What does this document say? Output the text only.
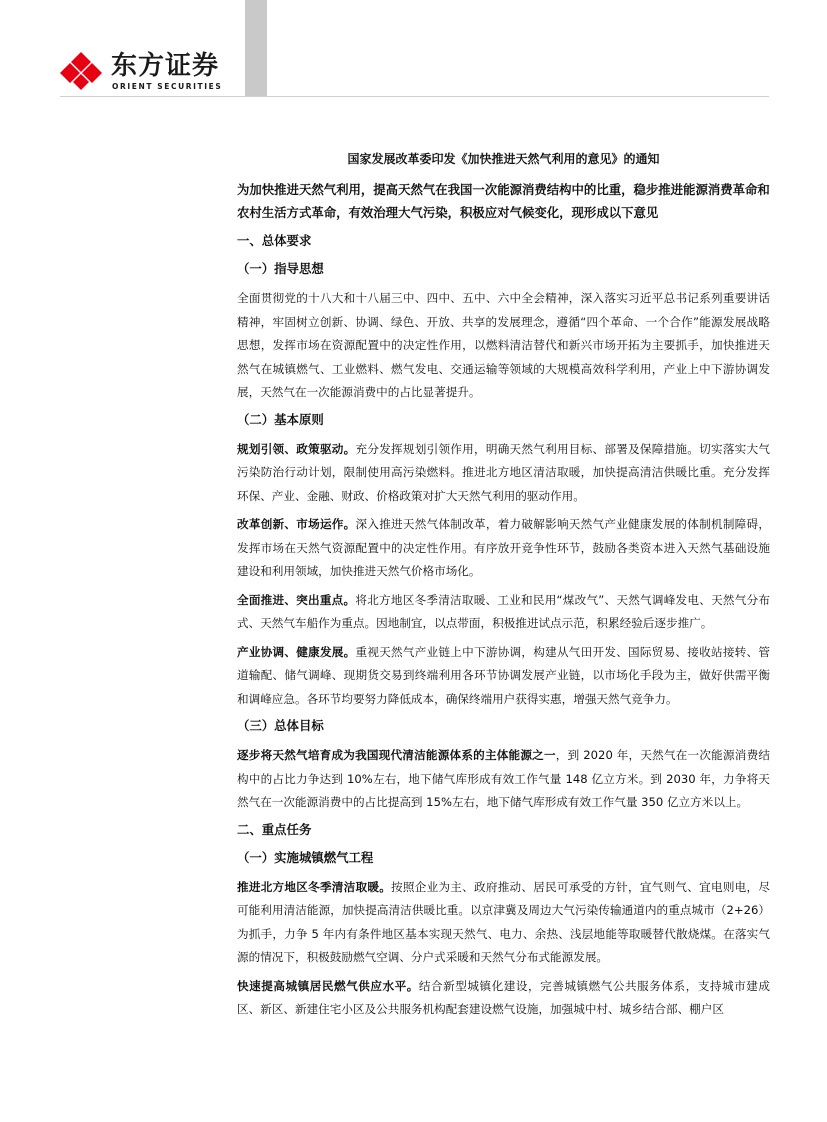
东方证券
ORIENT SECURITIES
国家发展改革委印发《加快推进天然气利用的意见》的通知
为加快推进天然气利用，提高天然气在我国一次能源消费结构中的比重，稳步推进能源消费革命和农村生活方式革命，有效治理大气污染，积极应对气候变化，现形成以下意见
一、总体要求
（一）指导思想
全面贯彻党的十八大和十八届三中、四中、五中、六中全会精神，深入落实习近平总书记系列重要讲话精神，牢固树立创新、协调、绿色、开放、共享的发展理念，遵循“四个革命、一个合作”能源发展战略思想，发挥市场在资源配置中的决定性作用，以燃料清洁替代和新兴市场开拓为主要抓手，加快推进天然气在城镇燃气、工业燃料、燃气发电、交通运输等领域的大规模高效科学利用，产业上中下游协调发展，天然气在一次能源消费中的占比显著提升。
（二）基本原则
规划引领、政策驱动。充分发挥规划引领作用，明确天然气利用目标、部署及保障措施。切实落实大气污染防治行动计划，限制使用高污染燃料。推进北方地区清洁取暖，加快提高清洁供暖比重。充分发挥环保、产业、金融、财政、价格政策对扩大天然气利用的驱动作用。
改革创新、市场运作。深入推进天然气体制改革，着力破解影响天然气产业健康发展的体制机制障碍，发挥市场在天然气资源配置中的决定性作用。有序放开竞争性环节，鼓励各类资本进入天然气基础设施建设和利用领域，加快推进天然气价格市场化。
全面推进、突出重点。将北方地区冬季清洁取暖、工业和民用“煤改气”、天然气调峰发电、天然气分布式、天然气车船作为重点。因地制宜，以点带面，积极推进试点示范，积累经验后逐步推广。
产业协调、健康发展。重视天然气产业链上中下游协调，构建从气田开发、国际贸易、接收站接转、管道输配、储气调峰、现期货交易到终端利用各环节协调发展产业链，以市场化手段为主，做好供需平衡和调峰应急。各环节均要努力降低成本，确保终端用户获得实惠，增强天然气竞争力。
（三）总体目标
逐步将天然气培育成为我国现代清洁能源体系的主体能源之一，到 2020 年，天然气在一次能源消费结构中的占比力争达到 10%左右，地下储气库形成有效工作气量 148 亿立方米。到 2030 年，力争将天然气在一次能源消费中的占比提高到 15%左右，地下储气库形成有效工作气量 350 亿立方米以上。
二、重点任务
（一）实施城镇燃气工程
推进北方地区冬季清洁取暖。按照企业为主、政府推动、居民可承受的方针，宜气则气、宜电则电，尽可能利用清洁能源，加快提高清洁供暖比重。以京津冀及周边大气污染传输通道内的重点城市（2+26）为抓手，力争 5 年内有条件地区基本实现天然气、电力、余热、浅层地能等取暖替代散烧煤。在落实气源的情况下，积极鼓励燃气空调、分户式采暖和天然气分布式能源发展。
快速提高城镇居民燃气供应水平。结合新型城镇化建设，完善城镇燃气公共服务体系，支持城市建成区、新区、新建住宅小区及公共服务机构配套建设燃气设施，加强城中村、城乡结合部、棚户区
